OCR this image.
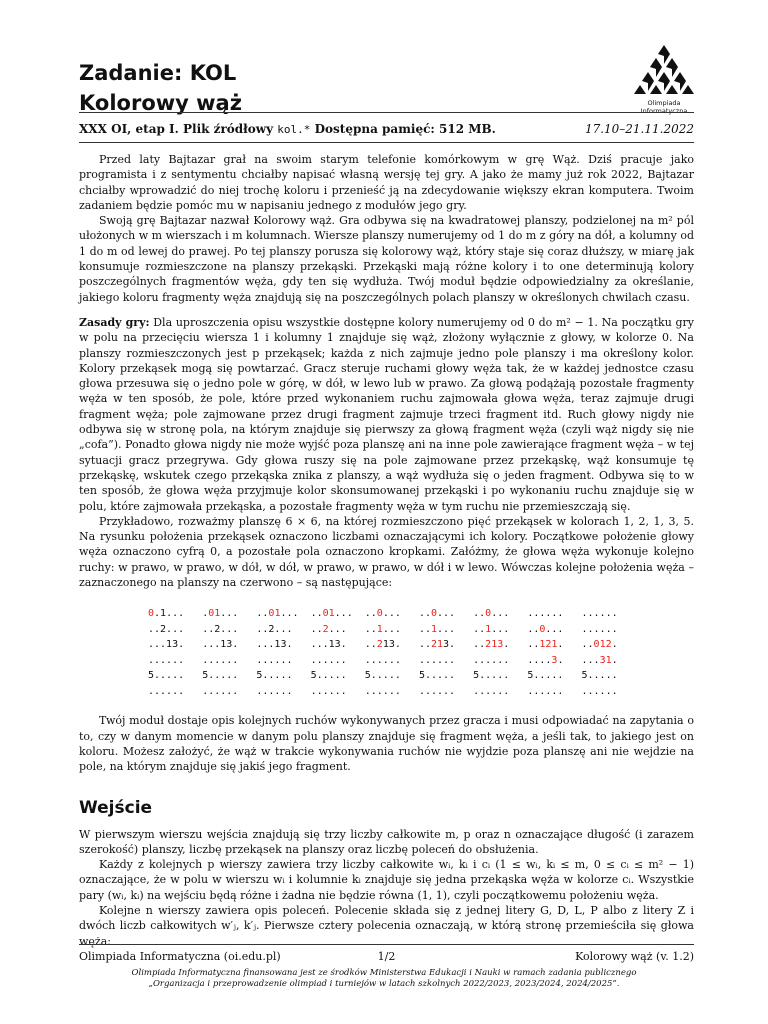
Zadanie: KOL
Kolorowy wąż	Olimpiada
Informatyczna
XXX OI, etap I. Plik źródłowy kol.* Dostępna pamięć: 512 MB.	17.10–21.11.2022

Przed laty Bajtazar grał na swoim starym telefonie komórkowym w grę Wąż. Dziś pracuje jako programista i z sentymentu chciałby napisać własną wersję tej gry. A jako że mamy już rok 2022, Bajtazar chciałby wprowadzić do niej trochę koloru i przenieść ją na zdecydowanie większy ekran komputera. Twoim zadaniem będzie pomóc mu w napisaniu jednego z modułów jego gry.

Swoją grę Bajtazar nazwał Kolorowy wąż. Gra odbywa się na kwadratowej planszy, podzielonej na m² pól ułożonych w m wierszach i m kolumnach. Wiersze planszy numerujemy od 1 do m z góry na dół, a kolumny od 1 do m od lewej do prawej. Po tej planszy porusza się kolorowy wąż, który staje się coraz dłuższy, w miarę jak konsumuje rozmieszczone na planszy przekąski. Przekąski mają różne kolory i to one determinują kolory poszczególnych fragmentów węża, gdy ten się wydłuża. Twój moduł będzie odpowiedzialny za określanie, jakiego koloru fragmenty węża znajdują się na poszczególnych polach planszy w określonych chwilach czasu.

Zasady gry: Dla uproszczenia opisu wszystkie dostępne kolory numerujemy od 0 do m² − 1. Na początku gry w polu na przecięciu wiersza 1 i kolumny 1 znajduje się wąż, złożony wyłącznie z głowy, w kolorze 0. Na planszy rozmieszczonych jest p przekąsek; każda z nich zajmuje jedno pole planszy i ma określony kolor. Kolory przekąsek mogą się powtarzać. Gracz steruje ruchami głowy węża tak, że w każdej jednostce czasu głowa przesuwa się o jedno pole w górę, w dół, w lewo lub w prawo. Za głową podążają pozostałe fragmenty węża w ten sposób, że pole, które przed wykonaniem ruchu zajmowała głowa węża, teraz zajmuje drugi fragment węża; pole zajmowane przez drugi fragment zajmuje trzeci fragment itd. Ruch głowy nigdy nie odbywa się w stronę pola, na którym znajduje się pierwszy za głową fragment węża (czyli wąż nigdy się nie „cofa”). Ponadto głowa nigdy nie może wyjść poza planszę ani na inne pole zawierające fragment węża – w tej sytuacji gracz przegrywa. Gdy głowa ruszy się na pole zajmowane przez przekąskę, wąż konsumuje tę przekąskę, wskutek czego przekąska znika z planszy, a wąż wydłuża się o jeden fragment. Odbywa się to w ten sposób, że głowa węża przyjmuje kolor skonsumowanej przekąski i po wykonaniu ruchu znajduje się w polu, które zajmowała przekąska, a pozostałe fragmenty węża w tym ruchu nie przemieszczają się.

Przykładowo, rozważmy planszę 6 × 6, na której rozmieszczono pięć przekąsek w kolorach 1, 2, 1, 3, 5. Na rysunku położenia przekąsek oznaczono liczbami oznaczającymi ich kolory. Początkowe położenie głowy węża oznaczono cyfrą 0, a pozostałe pola oznaczono kropkami. Załóżmy, że głowa węża wykonuje kolejno ruchy: w prawo, w prawo, w dół, w dół, w prawo, w prawo, w dół i w lewo. Wówczas kolejne położenia węża – zaznaczonego na planszy na czerwono – są następujące:

0.1... .01... ..01... ..01... ..0... ..0... ..0... ...... ......
..2... ..2... ..2... ..2... ..1... ..1... ..1... ..0... ......
...13. ...13. ...13. ...13. ..213. ..213. ..213. ..121. ..012.
...... ...... ...... ...... ...... ...... ...... ....3. ...31.
5..... 5..... 5..... 5..... 5..... 5..... 5..... 5..... 5.....
...... ...... ...... ...... ...... ...... ...... ...... ......

Twój moduł dostaje opis kolejnych ruchów wykonywanych przez gracza i musi odpowiadać na zapytania o to, czy w danym momencie w danym polu planszy znajduje się fragment węża, a jeśli tak, to jakiego jest on koloru. Możesz założyć, że wąż w trakcie wykonywania ruchów nie wyjdzie poza planszę ani nie wejdzie na pole, na którym znajduje się jakiś jego fragment.

Wejście

W pierwszym wierszu wejścia znajdują się trzy liczby całkowite m, p oraz n oznaczające długość (i zarazem szerokość) planszy, liczbę przekąsek na planszy oraz liczbę poleceń do obsłużenia.

Każdy z kolejnych p wierszy zawiera trzy liczby całkowite wᵢ, kᵢ i cᵢ (1 ≤ wᵢ, kᵢ ≤ m, 0 ≤ cᵢ ≤ m² − 1) oznaczające, że w polu w wierszu wᵢ i kolumnie kᵢ znajduje się jedna przekąska węża w kolorze cᵢ. Wszystkie pary (wᵢ, kᵢ) na wejściu będą różne i żadna nie będzie równa (1, 1), czyli początkowemu położeniu węża.

Kolejne n wierszy zawiera opis poleceń. Polecenie składa się z jednej litery G, D, L, P albo z litery Z i dwóch liczb całkowitych w′ⱼ, k′ⱼ. Pierwsze cztery polecenia oznaczają, w którą stronę przemieściła się głowa węża:

Olimpiada Informatyczna (oi.edu.pl)	1/2	Kolorowy wąż (v. 1.2)
Olimpiada Informatyczna finansowana jest ze środków Ministerstwa Edukacji i Nauki w ramach zadania publicznego
„Organizacja i przeprowadzenie olimpiad i turniejów w latach szkolnych 2022/2023, 2023/2024, 2024/2025”.
